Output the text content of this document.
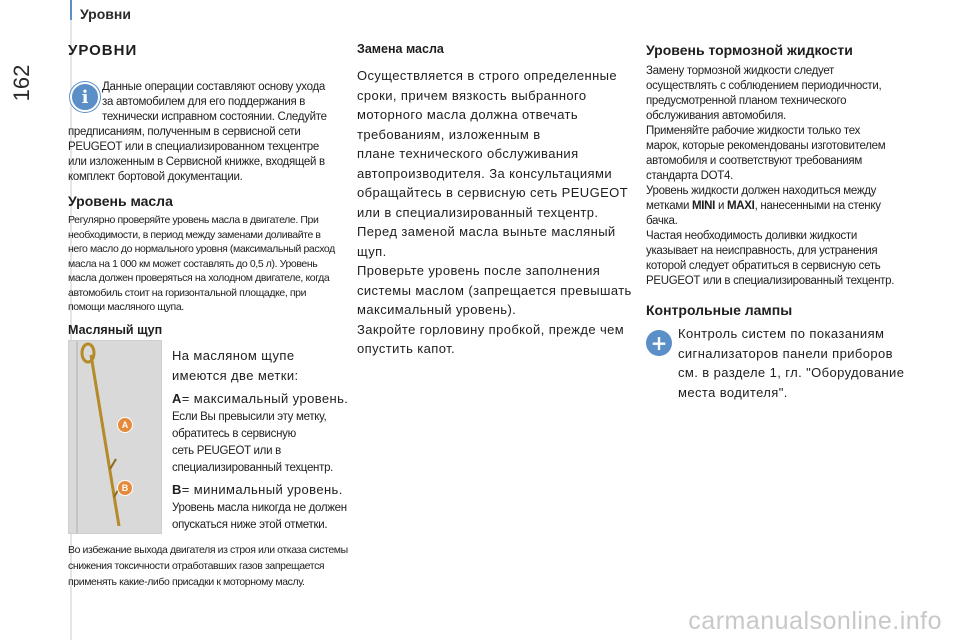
Уровни
162
УРОВНИ
i	Данные операции составляют основу ухода
за автомобилем для его поддержания в
технически исправном состоянии. Следуйте
предписаниям, полученным в сервисной сети
PEUGEOT или в специализированном техцентре
или изложенным в Сервисной книжке, входящей в
комплект бортовой документации.
Уровень масла
Регулярно проверяйте уровень масла в двигателе. При
необходимости, в период между заменами доливайте в
него масло до нормального уровня (максимальный расход
масла на 1 000 км может составлять до 0,5 л). Уровень
масла должен проверяться на холодном двигателе, когда
автомобиль стоит на горизонтальной площадке, при
помощи масляного щупа.
Масляный щуп
A
B
На масляном щупе
имеются две метки:
A= максимальный уровень.
Если Вы превысили эту метку,
обратитесь в сервисную
сеть PEUGEOT или в
специализированный техцентр.
B= минимальный уровень.
Уровень масла никогда не должен
опускаться ниже этой отметки.
Во избежание выхода двигателя из строя или отказа системы
снижения токсичности отработавших газов запрещается
применять какие-либо присадки к моторному маслу.
Замена масла
Осуществляется в строго определенные
сроки, причем вязкость выбранного
моторного масла должна отвечать
требованиям, изложенным в
плане технического обслуживания
автопроизводителя. За консультациями
обращайтесь в сервисную сеть PEUGEOT
или в специализированный техцентр.
Перед заменой масла выньте масляный
щуп.
Проверьте уровень после заполнения
системы маслом (запрещается превышать
максимальный уровень).
Закройте горловину пробкой, прежде чем
опустить капот.
Уровень тормозной жидкости
Замену тормозной жидкости следует
осуществлять с соблюдением периодичности,
предусмотренной планом технического
обслуживания автомобиля.
Применяйте рабочие жидкости только тех
марок, которые рекомендованы изготовителем
автомобиля и соответствуют требованиям
стандарта DOT4.
Уровень жидкости должен находиться между
метками MINI и MAXI, нанесенными на стенку
бачка.
Частая необходимость доливки жидкости
указывает на неисправность, для устранения
которой следует обратиться в сервисную сеть
PEUGEOT или в специализированный техцентр.
Контрольные лампы
+ Контроль систем по показаниям
сигнализаторов панели приборов
см. в разделе 1, гл. "Оборудование
места водителя".
carmanualsonline.info
